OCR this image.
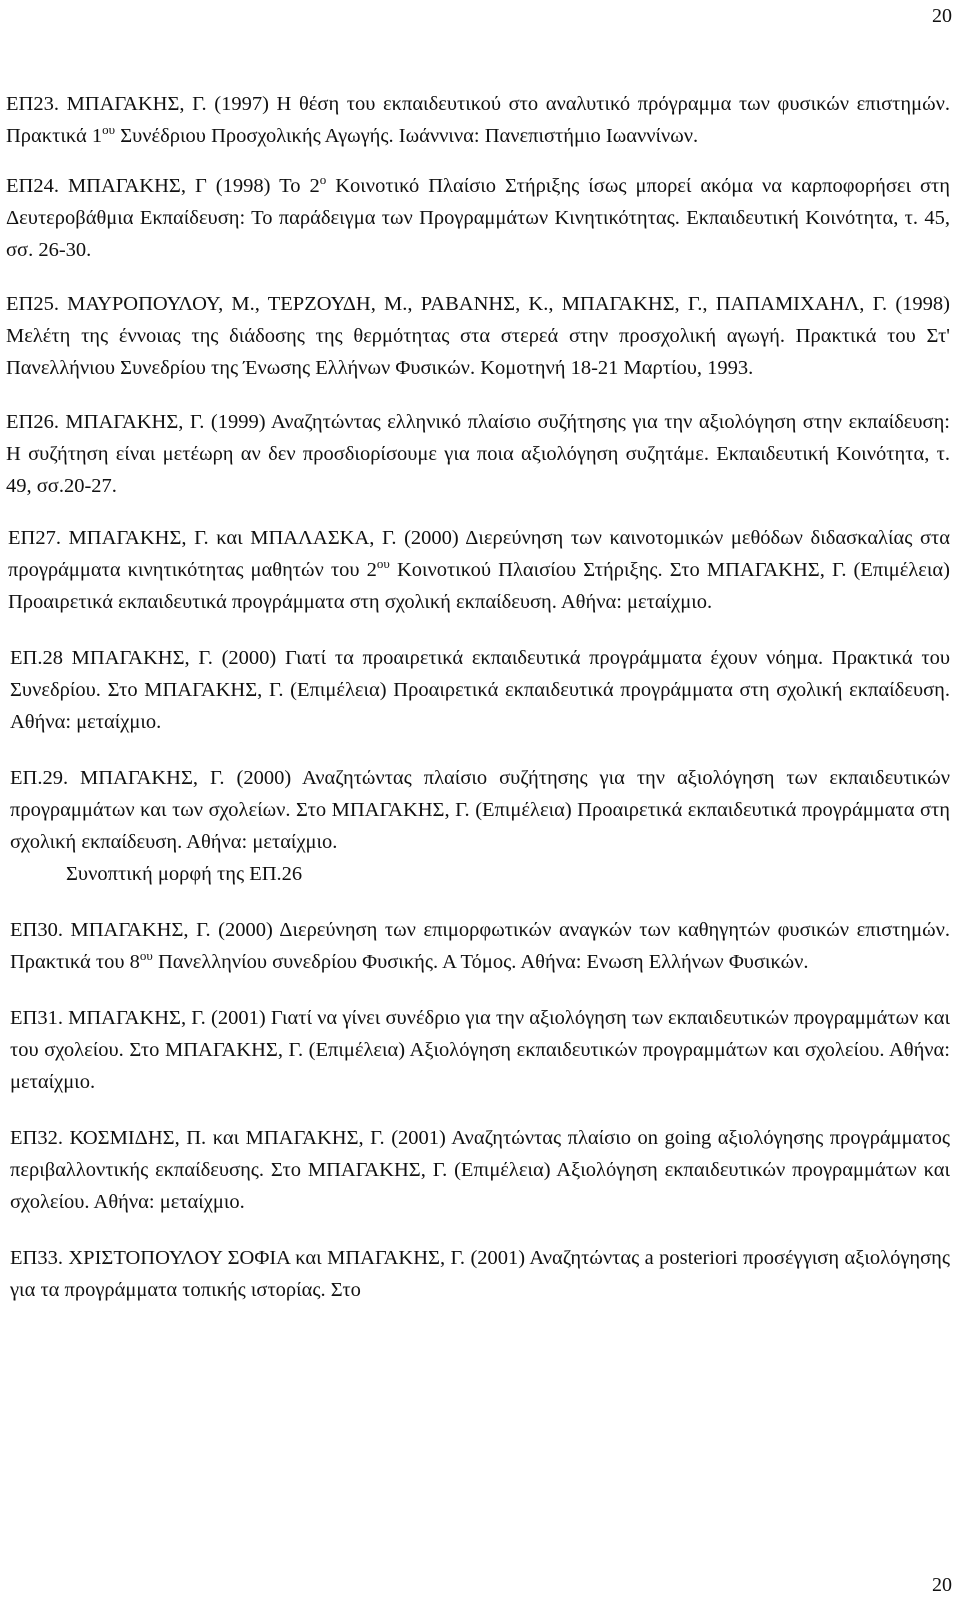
20

ΕΠ23. ΜΠΑΓΑΚΗΣ, Γ. (1997) Η θέση του εκπαιδευτικού στο αναλυτικό πρόγραμμα των φυσικών επιστημών. Πρακτικά $1^{o\upsilon}$ Συνέδριου Προσχολικής Αγωγής. Ιωάννινα: Πανεπιστήμιο Ιωαννίνων.

ΕΠ24. ΜΠΑΓΑΚΗΣ, Γ (1998) Το $2^o$ Κοινοτικό Πλαίσιο Στήριξης ίσως μπορεί ακόμα να καρποφορήσει στη Δευτεροβάθμια Εκπαίδευση: Το παράδειγμα των Προγραμμάτων Κινητικότητας. Εκπαιδευτική Κοινότητα, τ. 45, σσ. 26-30.

ΕΠ25. ΜΑΥΡΟΠΟΥΛΟΥ, Μ., ΤΕΡΖΟΥΔΗ, Μ., ΡΑΒΑΝΗΣ, Κ., ΜΠΑΓΑΚΗΣ, Γ., ΠΑΠΑΜΙΧΑΗΛ, Γ. (1998) Μελέτη της έννοιας της διάδοσης της θερμότητας στα στερεά στην προσχολική αγωγή. Πρακτικά του Στ' Πανελλήνιου Συνεδρίου της Ένωσης Ελλήνων Φυσικών. Κομοτηνή 18-21 Μαρτίου, 1993.

ΕΠ26. ΜΠΑΓΑΚΗΣ, Γ. (1999) Αναζητώντας ελληνικό πλαίσιο συζήτησης για την αξιολόγηση στην εκπαίδευση: Η συζήτηση είναι μετέωρη αν δεν προσδιορίσουμε για ποια αξιολόγηση συζητάμε. Εκπαιδευτική Κοινότητα, τ. 49, σσ.20-27.

ΕΠ27. ΜΠΑΓΑΚΗΣ, Γ. και ΜΠΑΛΑΣΚΑ, Γ. (2000) Διερεύνηση των καινοτομικών μεθόδων διδασκαλίας στα προγράμματα κινητικότητας μαθητών του $2^{o\upsilon}$ Κοινοτικού Πλαισίου Στήριξης. Στο ΜΠΑΓΑΚΗΣ, Γ. (Επιμέλεια) Προαιρετικά εκπαιδευτικά προγράμματα στη σχολική εκπαίδευση. Αθήνα: μεταίχμιο.

ΕΠ.28 ΜΠΑΓΑΚΗΣ, Γ. (2000) Γιατί τα προαιρετικά εκπαιδευτικά προγράμματα έχουν νόημα. Πρακτικά του Συνεδρίου. Στο ΜΠΑΓΑΚΗΣ, Γ. (Επιμέλεια) Προαιρετικά εκπαιδευτικά προγράμματα στη σχολική εκπαίδευση. Αθήνα: μεταίχμιο.

ΕΠ.29. ΜΠΑΓΑΚΗΣ, Γ. (2000) Αναζητώντας πλαίσιο συζήτησης για την αξιολόγηση των εκπαιδευτικών προγραμμάτων και των σχολείων. Στο ΜΠΑΓΑΚΗΣ, Γ. (Επιμέλεια) Προαιρετικά εκπαιδευτικά προγράμματα στη σχολική εκπαίδευση. Αθήνα: μεταίχμιο.
Συνοπτική μορφή της ΕΠ.26

ΕΠ30. ΜΠΑΓΑΚΗΣ, Γ. (2000) Διερεύνηση των επιμορφωτικών αναγκών των καθηγητών φυσικών επιστημών. Πρακτικά του $8^{o\upsilon}$ Πανελληνίου συνεδρίου Φυσικής. Α Τόμος. Αθήνα: Ενωση Ελλήνων Φυσικών.

ΕΠ31. ΜΠΑΓΑΚΗΣ, Γ. (2001) Γιατί να γίνει συνέδριο για την αξιολόγηση των εκπαιδευτικών προγραμμάτων και του σχολείου. Στο ΜΠΑΓΑΚΗΣ, Γ. (Επιμέλεια) Αξιολόγηση εκπαιδευτικών προγραμμάτων και σχολείου. Αθήνα: μεταίχμιο.

ΕΠ32. ΚΟΣΜΙΔΗΣ, Π. και ΜΠΑΓΑΚΗΣ, Γ. (2001) Αναζητώντας πλαίσιο on going αξιολόγησης προγράμματος περιβαλλοντικής εκπαίδευσης. Στο ΜΠΑΓΑΚΗΣ, Γ. (Επιμέλεια) Αξιολόγηση εκπαιδευτικών προγραμμάτων και σχολείου. Αθήνα: μεταίχμιο.

ΕΠ33. ΧΡΙΣΤΟΠΟΥΛΟΥ ΣΟΦΙΑ και ΜΠΑΓΑΚΗΣ, Γ. (2001) Αναζητώντας a posteriori προσέγγιση αξιολόγησης για τα προγράμματα τοπικής ιστορίας. Στο

20
